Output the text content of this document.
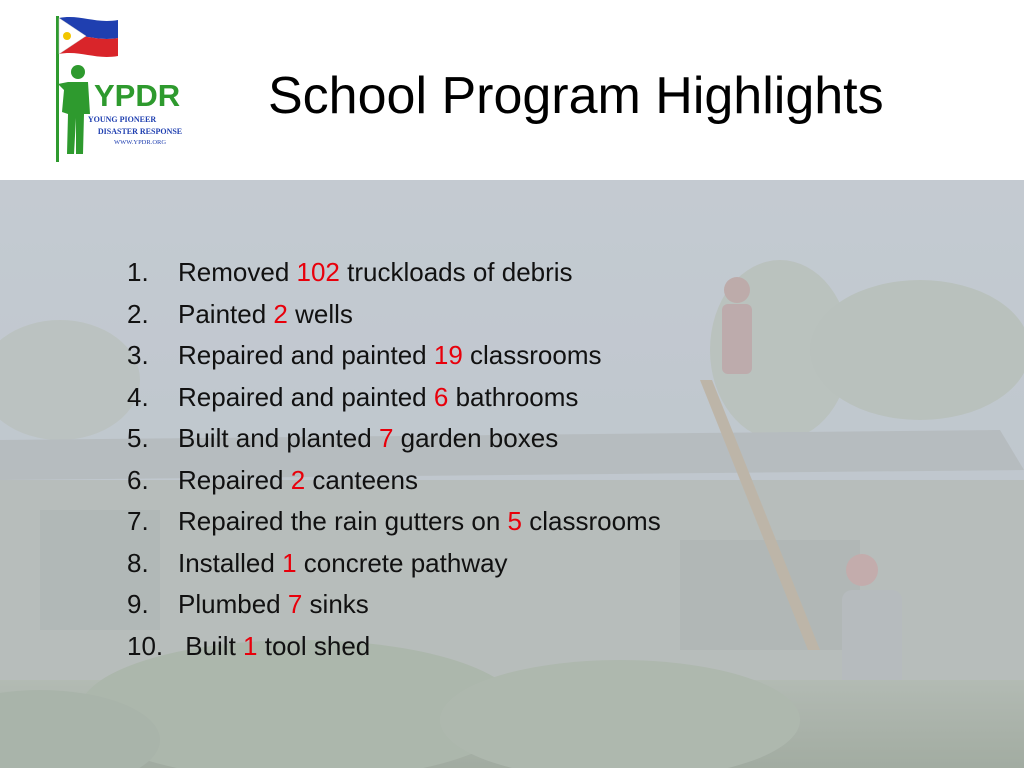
YPDR
YOUNG PIONEER
DISASTER RESPONSE
WWW.YPDR.ORG
School Program Highlights
1.	Removed 102 truckloads of debris
2.	Painted 2 wells
3.	Repaired and painted 19 classrooms
4.	Repaired and painted 6 bathrooms
5.	Built and planted 7 garden boxes
6.	Repaired 2 canteens
7.	Repaired the rain gutters on 5 classrooms
8.	Installed 1 concrete pathway
9.	Plumbed 7 sinks
10. Built 1 tool shed
